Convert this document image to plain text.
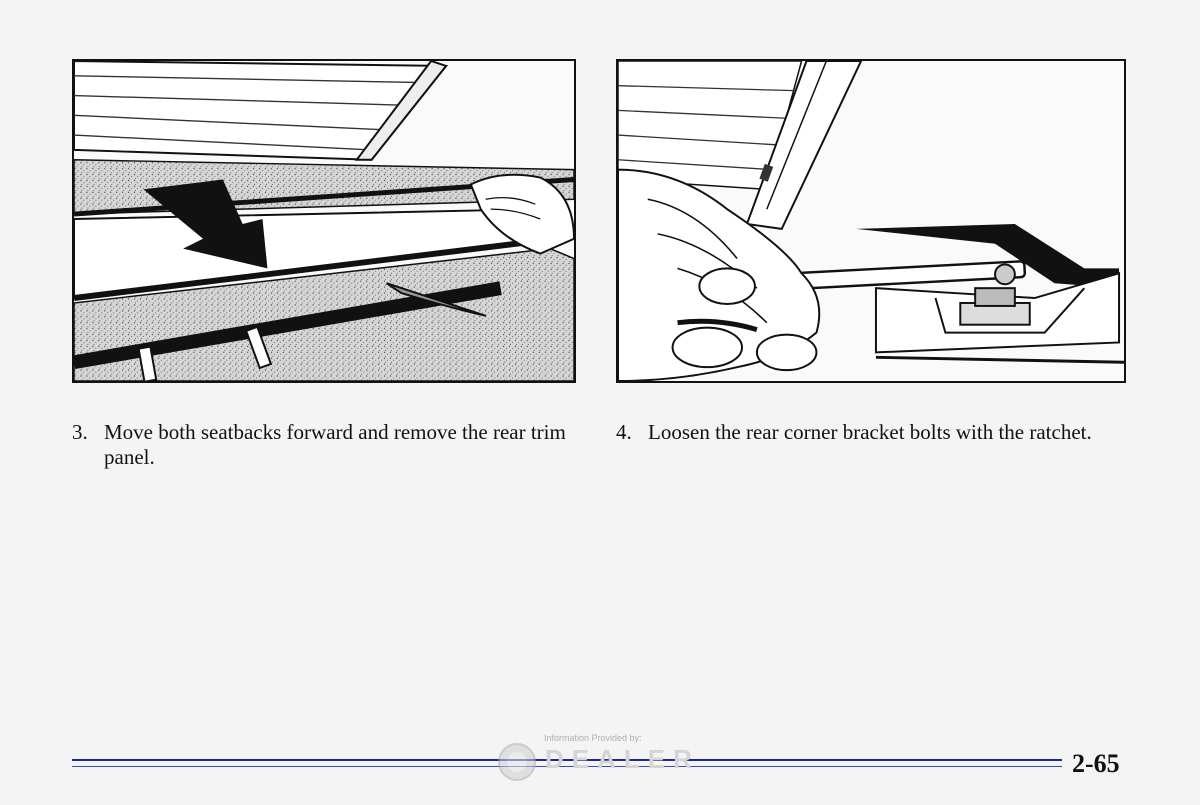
3. Move both seatbacks forward and remove the rear trim panel.
4. Loosen the rear corner bracket bolts with the ratchet.
Information Provided by:
DEALER	2-65
